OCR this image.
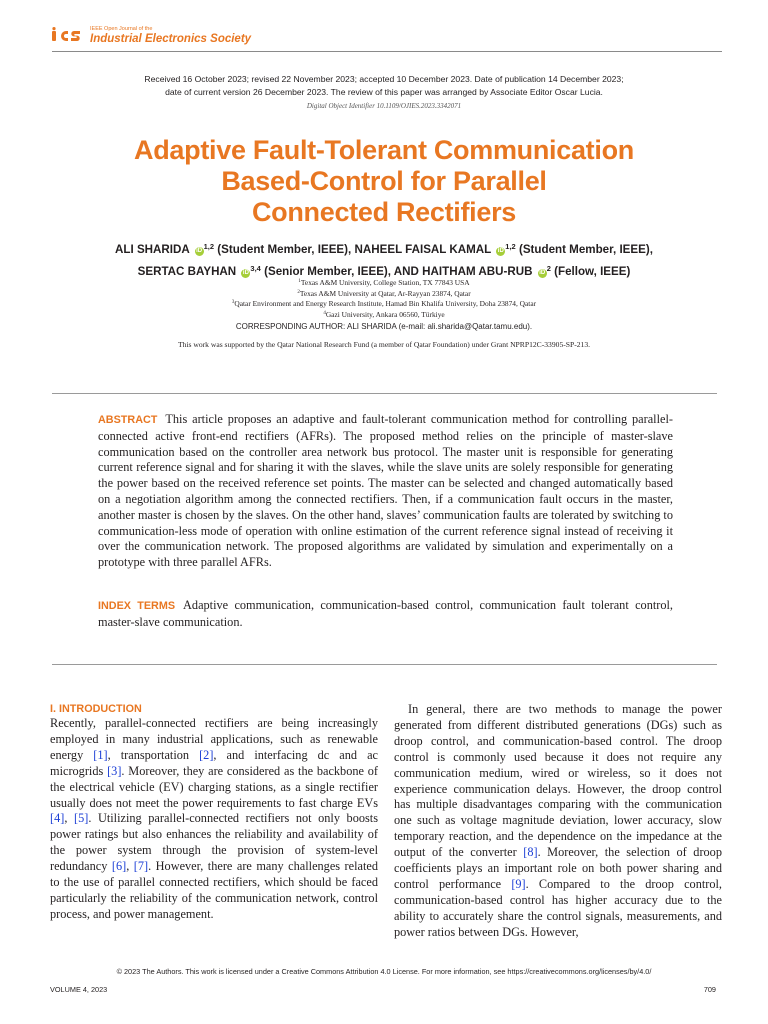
IEEE Open Journal of the
Industrial Electronics Society
Received 16 October 2023; revised 22 November 2023; accepted 10 December 2023. Date of publication 14 December 2023;
date of current version 26 December 2023. The review of this paper was arranged by Associate Editor Oscar Lucia.
Digital Object Identifier 10.1109/OJIES.2023.3342071
Adaptive Fault-Tolerant Communication
Based-Control for Parallel
Connected Rectifiers
ALI SHARIDA iD $^{1,2}$ (Student Member, IEEE), NAHEEL FAISAL KAMAL iD $^{1,2}$ (Student Member, IEEE),
SERTAC BAYHAN iD $^{3,4}$ (Senior Member, IEEE), AND HAITHAM ABU-RUB iD $^2$ (Fellow, IEEE)
$^1$Texas A&M University, College Station, TX 77843 USA
$^2$Texas A&M University at Qatar, Ar-Rayyan 23874, Qatar
$^3$Qatar Environment and Energy Research Institute, Hamad Bin Khalifa University, Doha 23874, Qatar
$^4$Gazi University, Ankara 06560, Türkiye
CORRESPONDING AUTHOR: ALI SHARIDA (e-mail: ali.sharida@Qatar.tamu.edu).
This work was supported by the Qatar National Research Fund (a member of Qatar Foundation) under Grant NPRP12C-33905-SP-213.
ABSTRACT This article proposes an adaptive and fault-tolerant communication method for controlling parallel-connected active front-end rectifiers (AFRs). The proposed method relies on the principle of master-slave communication based on the controller area network bus protocol. The master unit is responsible for generating current reference signal and for sharing it with the slaves, while the slave units are solely responsible for generating the power based on the received reference set points. The master can be selected and changed automatically based on a negotiation algorithm among the connected rectifiers. Then, if a communication fault occurs in the master, another master is chosen by the slaves. On the other hand, slaves’ communication faults are tolerated by switching to communication-less mode of operation with online estimation of the current reference signal instead of receiving it over the communication network. The proposed algorithms are validated by simulation and experimentally on a prototype with three parallel AFRs.
INDEX TERMS Adaptive communication, communication-based control, communication fault tolerant control, master-slave communication.
I. INTRODUCTION
Recently, parallel-connected rectifiers are being increasingly employed in many industrial applications, such as renewable energy [1], transportation [2], and interfacing dc and ac microgrids [3]. Moreover, they are considered as the backbone of the electrical vehicle (EV) charging stations, as a single rectifier usually does not meet the power requirements to fast charge EVs [4], [5]. Utilizing parallel-connected rectifiers not only boosts power ratings but also enhances the reliability and availability of the power system through the provision of system-level redundancy [6], [7]. However, there are many challenges related to the use of parallel connected rectifiers, which should be faced particularly the reliability of the communication network, control process, and power management.
In general, there are two methods to manage the power generated from different distributed generations (DGs) such as droop control, and communication-based control. The droop control is commonly used because it does not require any communication medium, wired or wireless, so it does not experience communication delays. However, the droop control has multiple disadvantages comparing with the communication one such as voltage magnitude deviation, lower accuracy, slow temporary reaction, and the dependence on the impedance at the output of the converter [8]. Moreover, the selection of droop coefficients plays an important role on both power sharing and control performance [9]. Compared to the droop control, communication-based control has higher accuracy due to the ability to accurately share the control signals, measurements, and power ratios between DGs. However,
© 2023 The Authors. This work is licensed under a Creative Commons Attribution 4.0 License. For more information, see https://creativecommons.org/licenses/by/4.0/
VOLUME 4, 2023	709
